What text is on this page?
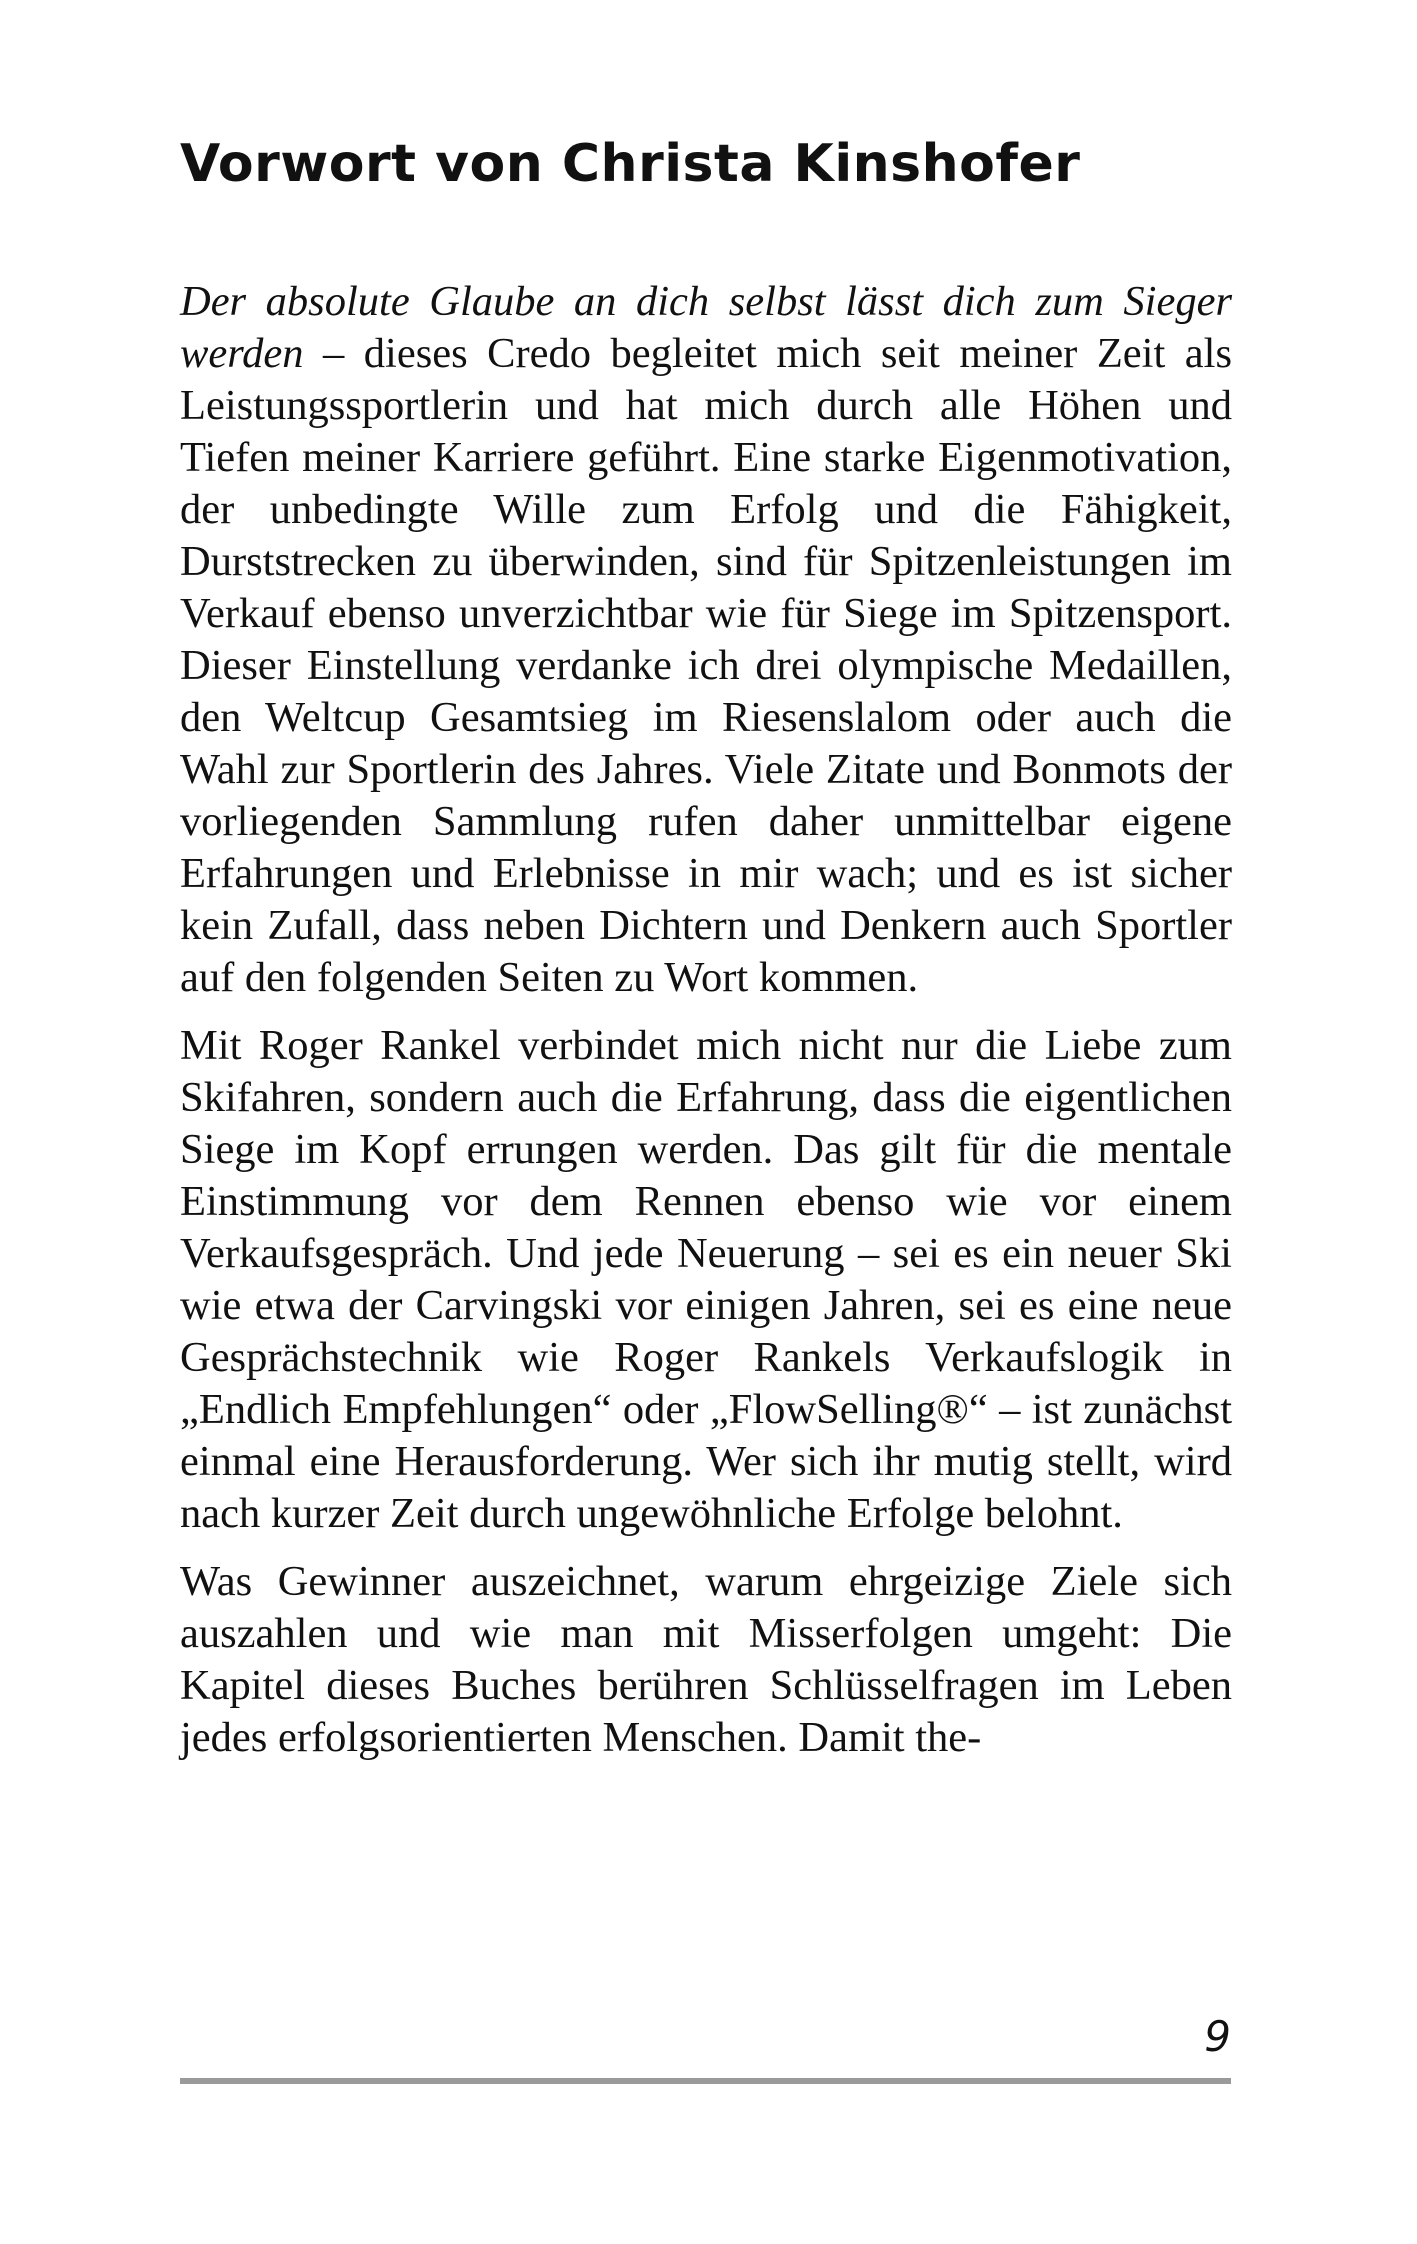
Vorwort von Christa Kinshofer

Der absolute Glaube an dich selbst lässt dich zum Sieger werden – dieses Credo begleitet mich seit meiner Zeit als Leistungssportlerin und hat mich durch alle Höhen und Tiefen meiner Karriere geführt. Eine starke Eigenmotivation, der unbedingte Wille zum Erfolg und die Fähigkeit, Durststrecken zu überwinden, sind für Spitzenleistungen im Verkauf ebenso unverzichtbar wie für Siege im Spitzensport. Dieser Einstellung verdanke ich drei olympische Medaillen, den Weltcup Gesamtsieg im Riesenslalom oder auch die Wahl zur Sportlerin des Jahres. Viele Zitate und Bonmots der vorliegenden Sammlung rufen daher unmittelbar eigene Erfahrungen und Erlebnisse in mir wach; und es ist sicher kein Zufall, dass neben Dichtern und Denkern auch Sportler auf den folgenden Seiten zu Wort kommen.

Mit Roger Rankel verbindet mich nicht nur die Liebe zum Skifahren, sondern auch die Erfahrung, dass die eigentlichen Siege im Kopf errungen werden. Das gilt für die mentale Einstimmung vor dem Rennen ebenso wie vor einem Verkaufsgespräch. Und jede Neuerung – sei es ein neuer Ski wie etwa der Carvingski vor einigen Jahren, sei es eine neue Gesprächstechnik wie Roger Rankels Verkaufslogik in „Endlich Empfehlungen“ oder „FlowSelling®“ – ist zunächst einmal eine Herausforderung. Wer sich ihr mutig stellt, wird nach kurzer Zeit durch ungewöhnliche Erfolge belohnt.

Was Gewinner auszeichnet, warum ehrgeizige Ziele sich auszahlen und wie man mit Misserfolgen umgeht: Die Kapitel dieses Buches berühren Schlüsselfragen im Leben jedes erfolgsorientierten Menschen. Damit the-

9
